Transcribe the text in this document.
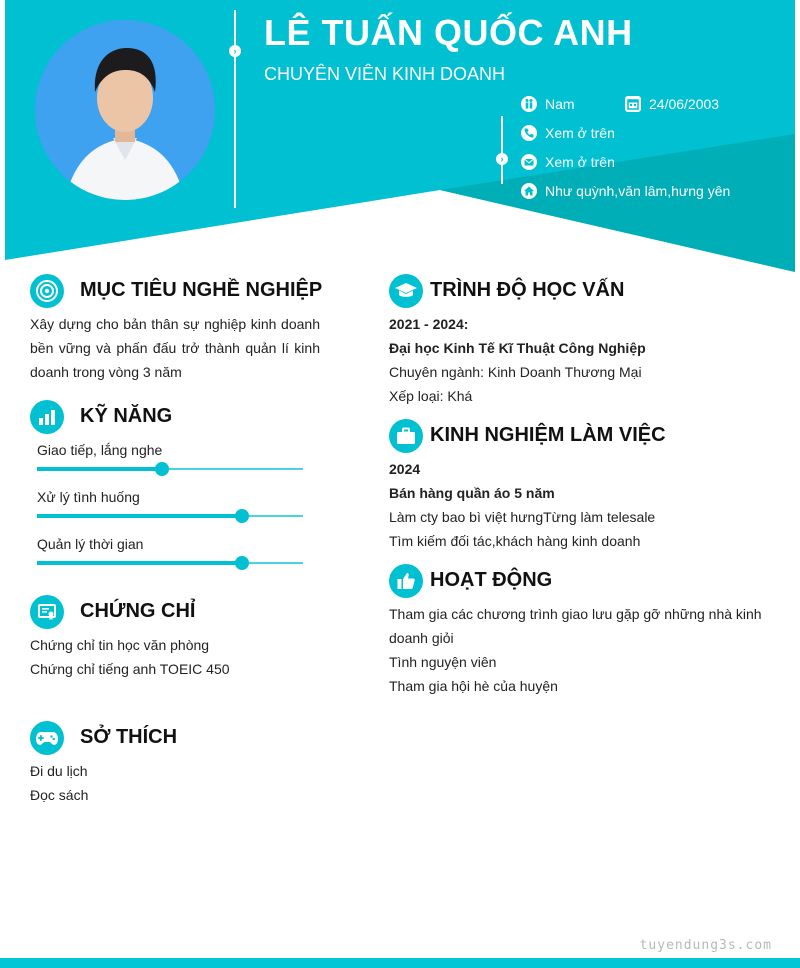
› LÊ TUẤN QUỐC ANH
CHUYÊN VIÊN KINH DOANH
›
Nam	24/06/2003
Xem ở trên
Xem ở trên
Như quỳnh,văn lâm,hưng yên
MỤC TIÊU NGHỀ NGHIỆP
Xây dựng cho bản thân sự nghiệp kinh doanh
bền vững và phấn đấu trở thành quản lí kinh
doanh trong vòng 3 năm
KỸ NĂNG
Giao tiếp, lắng nghe
Xử lý tình huống
Quản lý thời gian
CHỨNG CHỈ
Chứng chỉ tin học văn phòng
Chứng chỉ tiếng anh TOEIC 450
SỞ THÍCH
Đi du lịch
Đọc sách
TRÌNH ĐỘ HỌC VẤN
2021 - 2024:
Đại học Kinh Tế Kĩ Thuật Công Nghiệp
Chuyên ngành: Kinh Doanh Thương Mại
Xếp loại: Khá
KINH NGHIỆM LÀM VIỆC
2024
Bán hàng quần áo 5 năm
Làm cty bao bì việt hưngTừng làm telesale
Tìm kiếm đối tác,khách hàng kinh doanh
HOẠT ĐỘNG
Tham gia các chương trình giao lưu gặp gỡ những nhà kinh
doanh giỏi
Tình nguyện viên
Tham gia hội hè của huyện
tuyendung3s.com
